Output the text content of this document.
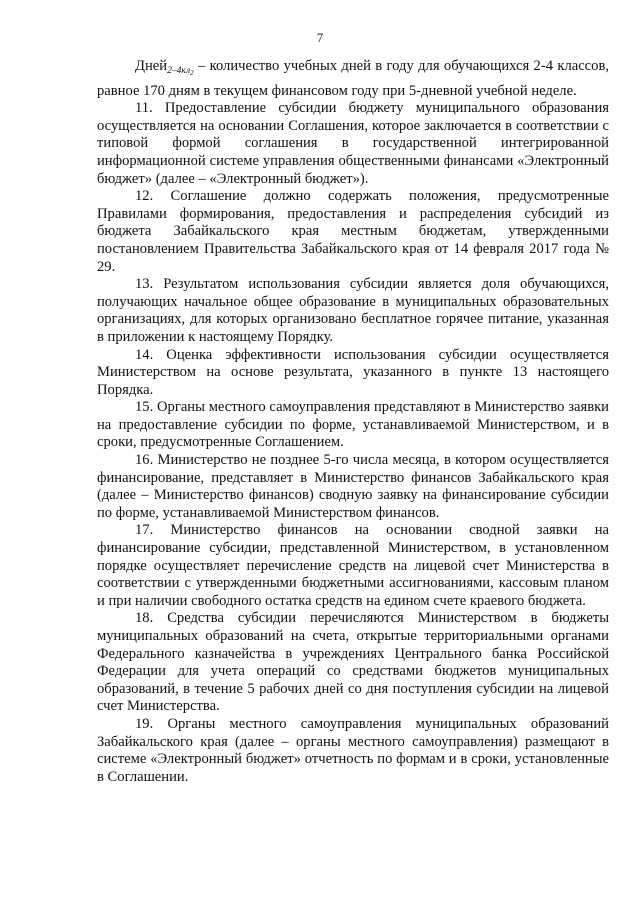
7

Дней$_{2-4кл_2}$ – количество учебных дней в году для обучающихся 2-4 классов, равное 170 дням в текущем финансовом году при 5-дневной учебной неделе.

11. Предоставление субсидии бюджету муниципального образования осуществляется на основании Соглашения, которое заключается в соответствии с типовой формой соглашения в государственной интегрированной информационной системе управления общественными финансами «Электронный бюджет» (далее – «Электронный бюджет»).

12. Соглашение должно содержать положения, предусмотренные Правилами формирования, предоставления и распределения субсидий из бюджета Забайкальского края местным бюджетам, утвержденными постановлением Правительства Забайкальского края от 14 февраля 2017 года № 29.

13. Результатом использования субсидии является доля обучающихся, получающих начальное общее образование в муниципальных образовательных организациях, для которых организовано бесплатное горячее питание, указанная в приложении к настоящему Порядку.

14. Оценка эффективности использования субсидии осуществляется Министерством на основе результата, указанного в пункте 13 настоящего Порядка.

15. Органы местного самоуправления представляют в Министерство заявки на предоставление субсидии по форме, устанавливаемой Министерством, и в сроки, предусмотренные Соглашением.

16. Министерство не позднее 5-го числа месяца, в котором осуществляется финансирование, представляет в Министерство финансов Забайкальского края (далее – Министерство финансов) сводную заявку на финансирование субсидии по форме, устанавливаемой Министерством финансов.

17. Министерство финансов на основании сводной заявки на финансирование субсидии, представленной Министерством, в установленном порядке осуществляет перечисление средств на лицевой счет Министерства в соответствии с утвержденными бюджетными ассигнованиями, кассовым планом и при наличии свободного остатка средств на едином счете краевого бюджета.

18. Средства субсидии перечисляются Министерством в бюджеты муниципальных образований на счета, открытые территориальными органами Федерального казначейства в учреждениях Центрального банка Российской Федерации для учета операций со средствами бюджетов муниципальных образований, в течение 5 рабочих дней со дня поступления субсидии на лицевой счет Министерства.

19. Органы местного самоуправления муниципальных образований Забайкальского края (далее – органы местного самоуправления) размещают в системе «Электронный бюджет» отчетность по формам и в сроки, установленные в Соглашении.
